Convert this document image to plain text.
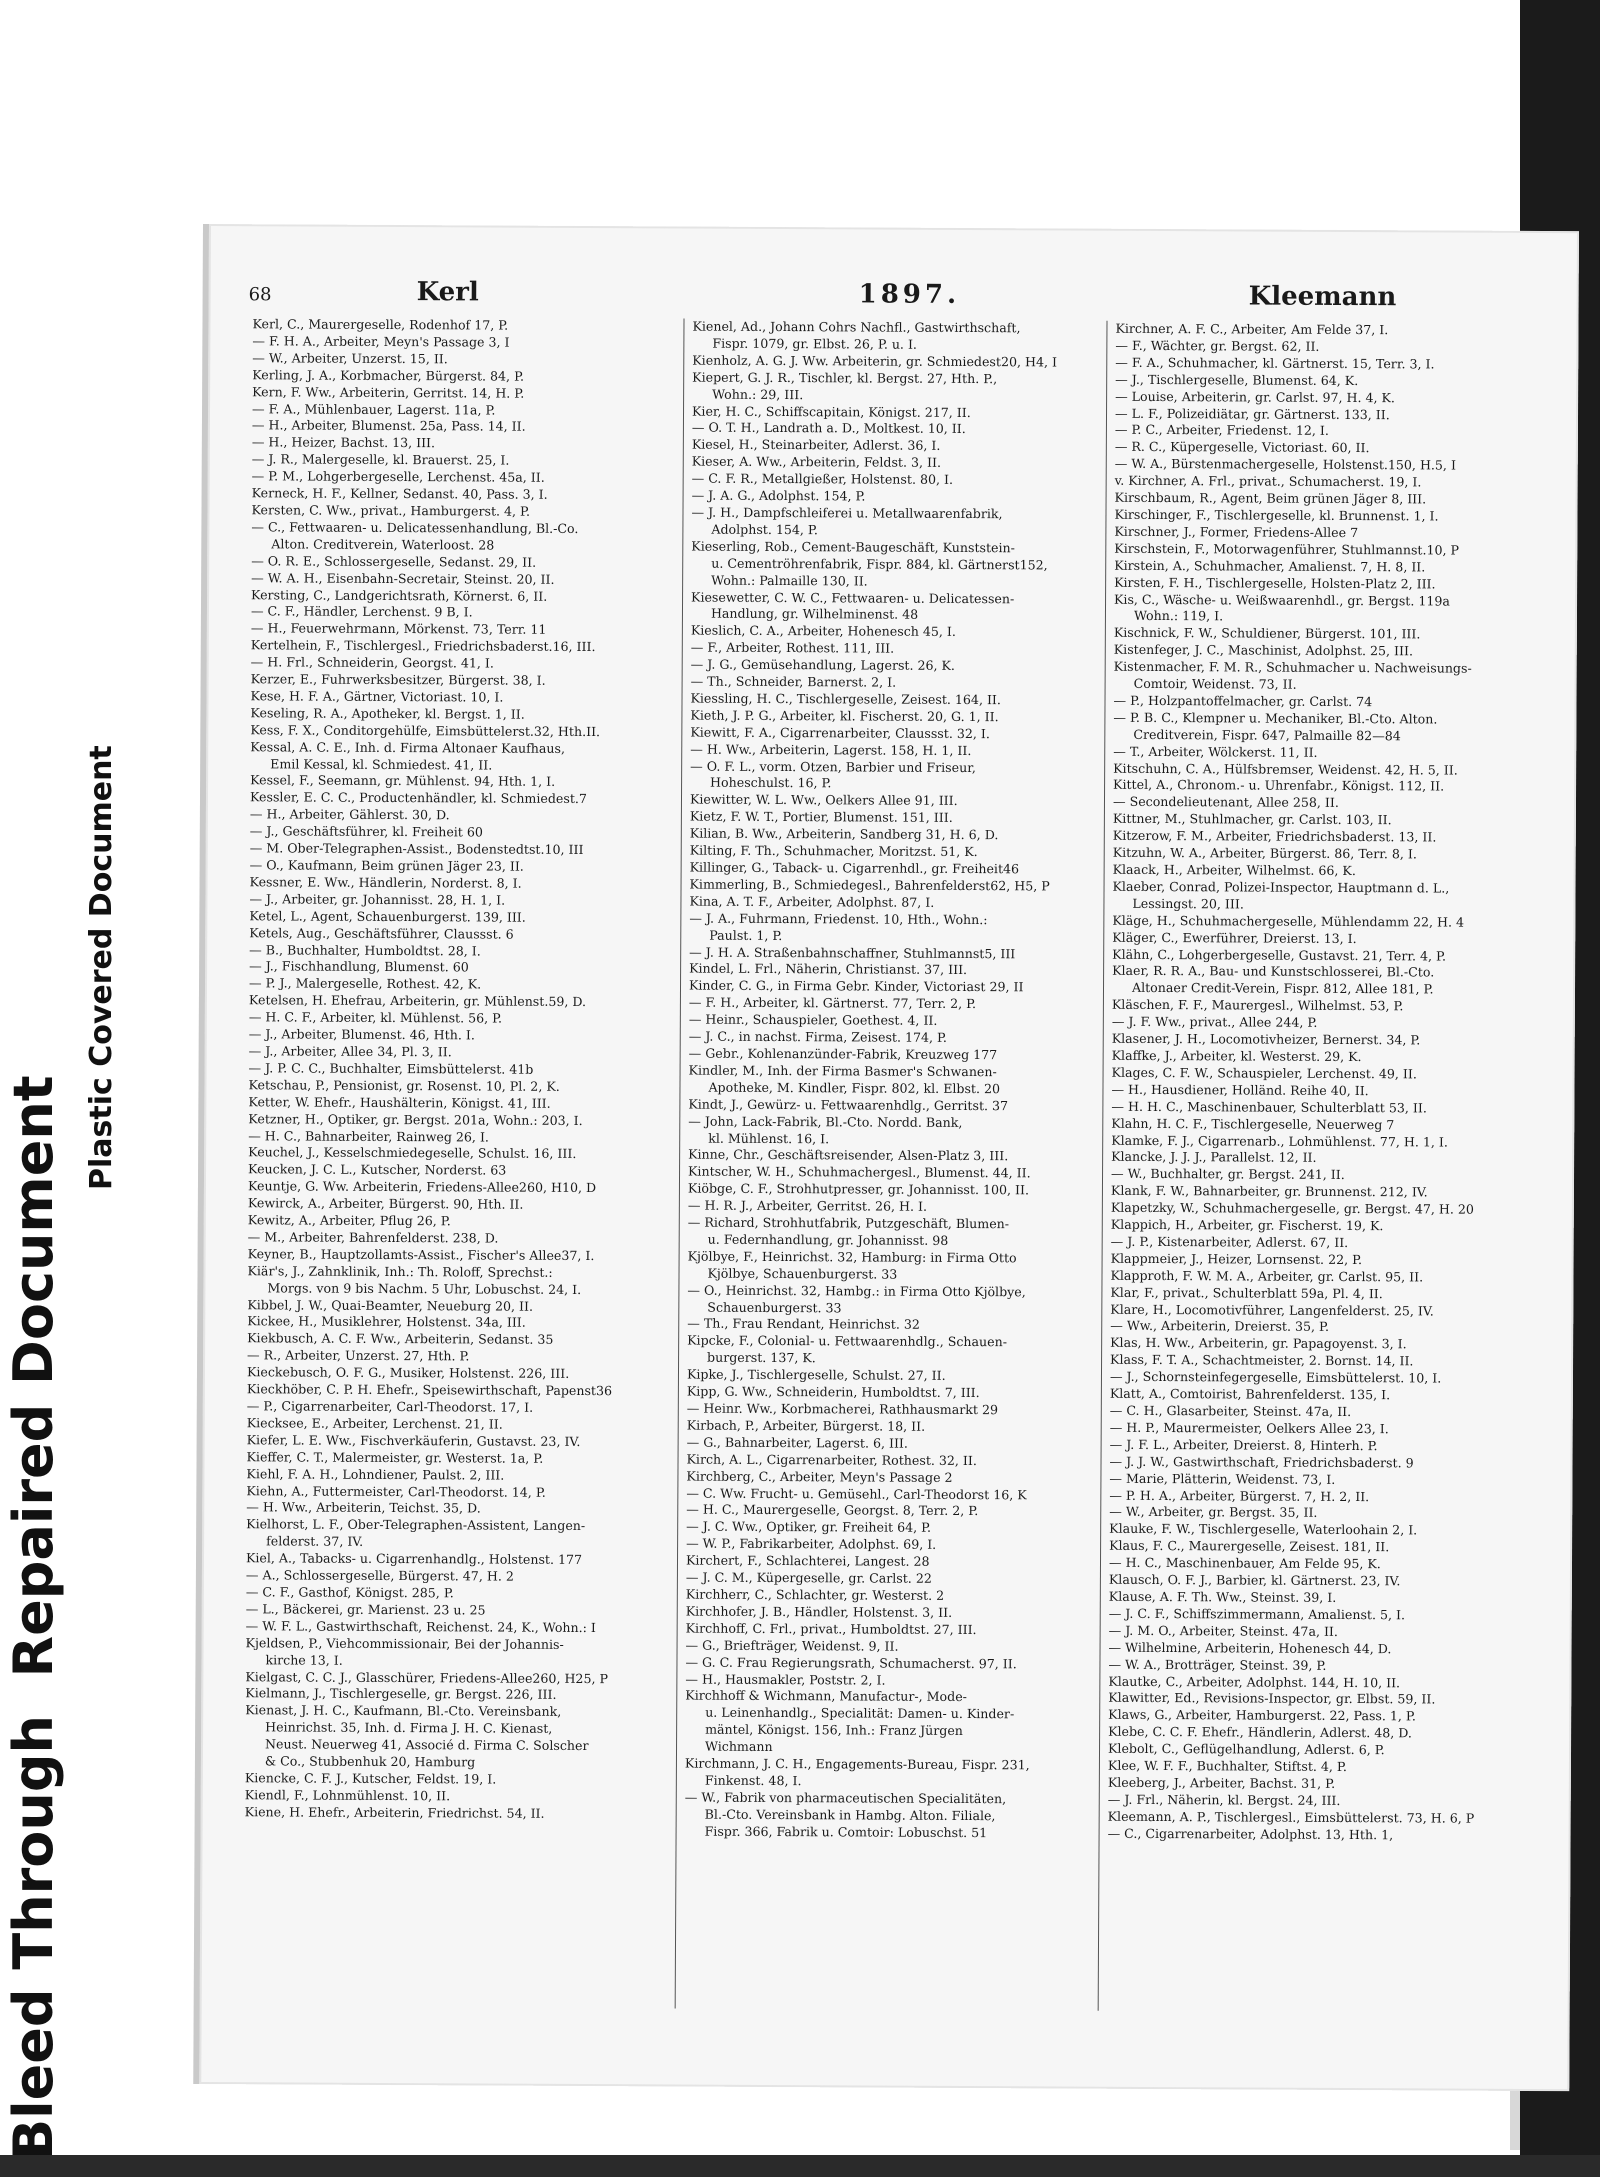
Bleed Through  Repaired Document
Plastic Covered Document
68	Kerl	1897.	Kleemann
Kerl, C., Maurergeselle, Rodenhof 17, P.
— F. H. A., Arbeiter, Meyn's Passage 3, I
— W., Arbeiter, Unzerst. 15, II.
Kerling, J. A., Korbmacher, Bürgerst. 84, P.
Kern, F. Ww., Arbeiterin, Gerritst. 14, H. P.
— F. A., Mühlenbauer, Lagerst. 11a, P.
— H., Arbeiter, Blumenst. 25a, Pass. 14, II.
— H., Heizer, Bachst. 13, III.
— J. R., Malergeselle, kl. Brauerst. 25, I.
— P. M., Lohgerbergeselle, Lerchenst. 45a, II.
Kerneck, H. F., Kellner, Sedanst. 40, Pass. 3, I.
Kersten, C. Ww., privat., Hamburgerst. 4, P.
— C., Fettwaaren- u. Delicatessenhandlung, Bl.-Co.
Alton. Creditverein, Waterloost. 28
— O. R. E., Schlossergeselle, Sedanst. 29, II.
— W. A. H., Eisenbahn-Secretair, Steinst. 20, II.
Kersting, C., Landgerichtsrath, Körnerst. 6, II.
— C. F., Händler, Lerchenst. 9 B, I.
— H., Feuerwehrmann, Mörkenst. 73, Terr. 11
Kertelhein, F., Tischlergesl., Friedrichsbaderst.16, III.
— H. Frl., Schneiderin, Georgst. 41, I.
Kerzer, E., Fuhrwerksbesitzer, Bürgerst. 38, I.
Kese, H. F. A., Gärtner, Victoriast. 10, I.
Keseling, R. A., Apotheker, kl. Bergst. 1, II.
Kess, F. X., Conditorgehülfe, Eimsbüttelerst.32, Hth.II.
Kessal, A. C. E., Inh. d. Firma Altonaer Kaufhaus,
Emil Kessal, kl. Schmiedest. 41, II.
Kessel, F., Seemann, gr. Mühlenst. 94, Hth. 1, I.
Kessler, E. C. C., Productenhändler, kl. Schmiedest.7
— H., Arbeiter, Gählerst. 30, D.
— J., Geschäftsführer, kl. Freiheit 60
— M. Ober-Telegraphen-Assist., Bodenstedtst.10, III
— O., Kaufmann, Beim grünen Jäger 23, II.
Kessner, E. Ww., Händlerin, Norderst. 8, I.
— J., Arbeiter, gr. Johannisst. 28, H. 1, I.
Ketel, L., Agent, Schauenburgerst. 139, III.
Ketels, Aug., Geschäftsführer, Claussst. 6
— B., Buchhalter, Humboldtst. 28, I.
— J., Fischhandlung, Blumenst. 60
— P. J., Malergeselle, Rothest. 42, K.
Ketelsen, H. Ehefrau, Arbeiterin, gr. Mühlenst.59, D.
— H. C. F., Arbeiter, kl. Mühlenst. 56, P.
— J., Arbeiter, Blumenst. 46, Hth. I.
— J., Arbeiter, Allee 34, Pl. 3, II.
— J. P. C. C., Buchhalter, Eimsbüttelerst. 41b
Ketschau, P., Pensionist, gr. Rosenst. 10, Pl. 2, K.
Ketter, W. Ehefr., Haushälterin, Königst. 41, III.
Ketzner, H., Optiker, gr. Bergst. 201a, Wohn.: 203, I.
— H. C., Bahnarbeiter, Rainweg 26, I.
Keuchel, J., Kesselschmiedegeselle, Schulst. 16, III.
Keucken, J. C. L., Kutscher, Norderst. 63
Keuntje, G. Ww. Arbeiterin, Friedens-Allee260, H10, D
Kewirck, A., Arbeiter, Bürgerst. 90, Hth. II.
Kewitz, A., Arbeiter, Pflug 26, P.
— M., Arbeiter, Bahrenfelderst. 238, D.
Keyner, B., Hauptzollamts-Assist., Fischer's Allee37, I.
Kiär's, J., Zahnklinik, Inh.: Th. Roloff, Sprechst.:
Morgs. von 9 bis Nachm. 5 Uhr, Lobuschst. 24, I.
Kibbel, J. W., Quai-Beamter, Neueburg 20, II.
Kickee, H., Musiklehrer, Holstenst. 34a, III.
Kiekbusch, A. C. F. Ww., Arbeiterin, Sedanst. 35
— R., Arbeiter, Unzerst. 27, Hth. P.
Kieckebusch, O. F. G., Musiker, Holstenst. 226, III.
Kieckhöber, C. P. H. Ehefr., Speisewirthschaft, Papenst36
— P., Cigarrenarbeiter, Carl-Theodorst. 17, I.
Kiecksee, E., Arbeiter, Lerchenst. 21, II.
Kiefer, L. E. Ww., Fischverkäuferin, Gustavst. 23, IV.
Kieffer, C. T., Malermeister, gr. Westerst. 1a, P.
Kiehl, F. A. H., Lohndiener, Paulst. 2, III.
Kiehn, A., Futtermeister, Carl-Theodorst. 14, P.
— H. Ww., Arbeiterin, Teichst. 35, D.
Kielhorst, L. F., Ober-Telegraphen-Assistent, Langen-
felderst. 37, IV.
Kiel, A., Tabacks- u. Cigarrenhandlg., Holstenst. 177
— A., Schlossergeselle, Bürgerst. 47, H. 2
— C. F., Gasthof, Königst. 285, P.
— L., Bäckerei, gr. Marienst. 23 u. 25
— W. F. L., Gastwirthschaft, Reichenst. 24, K., Wohn.: I
Kjeldsen, P., Viehcommissionair, Bei der Johannis-
kirche 13, I.
Kielgast, C. C. J., Glasschürer, Friedens-Allee260, H25, P
Kielmann, J., Tischlergeselle, gr. Bergst. 226, III.
Kienast, J. H. C., Kaufmann, Bl.-Cto. Vereinsbank,
Heinrichst. 35, Inh. d. Firma J. H. C. Kienast,
Neust. Neuerweg 41, Associé d. Firma C. Solscher
& Co., Stubbenhuk 20, Hamburg
Kiencke, C. F. J., Kutscher, Feldst. 19, I.
Kiendl, F., Lohnmühlenst. 10, II.
Kiene, H. Ehefr., Arbeiterin, Friedrichst. 54, II.
Kienel, Ad., Johann Cohrs Nachfl., Gastwirthschaft,
Fispr. 1079, gr. Elbst. 26, P. u. I.
Kienholz, A. G. J. Ww. Arbeiterin, gr. Schmiedest20, H4, I
Kiepert, G. J. R., Tischler, kl. Bergst. 27, Hth. P.,
Wohn.: 29, III.
Kier, H. C., Schiffscapitain, Königst. 217, II.
— O. T. H., Landrath a. D., Moltkest. 10, II.
Kiesel, H., Steinarbeiter, Adlerst. 36, I.
Kieser, A. Ww., Arbeiterin, Feldst. 3, II.
— C. F. R., Metallgießer, Holstenst. 80, I.
— J. A. G., Adolphst. 154, P.
— J. H., Dampfschleiferei u. Metallwaarenfabrik,
Adolphst. 154, P.
Kieserling, Rob., Cement-Baugeschäft, Kunststein-
u. Cementröhrenfabrik, Fispr. 884, kl. Gärtnerst152,
Wohn.: Palmaille 130, II.
Kiesewetter, C. W. C., Fettwaaren- u. Delicatessen-
Handlung, gr. Wilhelminenst. 48
Kieslich, C. A., Arbeiter, Hohenesch 45, I.
— F., Arbeiter, Rothest. 111, III.
— J. G., Gemüsehandlung, Lagerst. 26, K.
— Th., Schneider, Barnerst. 2, I.
Kiessling, H. C., Tischlergeselle, Zeisest. 164, II.
Kieth, J. P. G., Arbeiter, kl. Fischerst. 20, G. 1, II.
Kiewitt, F. A., Cigarrenarbeiter, Claussst. 32, I.
— H. Ww., Arbeiterin, Lagerst. 158, H. 1, II.
— O. F. L., vorm. Otzen, Barbier und Friseur,
Hoheschulst. 16, P.
Kiewitter, W. L. Ww., Oelkers Allee 91, III.
Kietz, F. W. T., Portier, Blumenst. 151, III.
Kilian, B. Ww., Arbeiterin, Sandberg 31, H. 6, D.
Kilting, F. Th., Schuhmacher, Moritzst. 51, K.
Killinger, G., Taback- u. Cigarrenhdl., gr. Freiheit46
Kimmerling, B., Schmiedegesl., Bahrenfelderst62, H5, P
Kina, A. T. F., Arbeiter, Adolphst. 87, I.
— J. A., Fuhrmann, Friedenst. 10, Hth., Wohn.:
Paulst. 1, P.
— J. H. A. Straßenbahnschaffner, Stuhlmannst5, III
Kindel, L. Frl., Näherin, Christianst. 37, III.
Kinder, C. G., in Firma Gebr. Kinder, Victoriast 29, II
— F. H., Arbeiter, kl. Gärtnerst. 77, Terr. 2, P.
— Heinr., Schauspieler, Goethest. 4, II.
— J. C., in nachst. Firma, Zeisest. 174, P.
— Gebr., Kohlenanzünder-Fabrik, Kreuzweg 177
Kindler, M., Inh. der Firma Basmer's Schwanen-
Apotheke, M. Kindler, Fispr. 802, kl. Elbst. 20
Kindt, J., Gewürz- u. Fettwaarenhdlg., Gerritst. 37
— John, Lack-Fabrik, Bl.-Cto. Nordd. Bank,
kl. Mühlenst. 16, I.
Kinne, Chr., Geschäftsreisender, Alsen-Platz 3, III.
Kintscher, W. H., Schuhmachergesl., Blumenst. 44, II.
Kiöbge, C. F., Strohhutpresser, gr. Johannisst. 100, II.
— H. R. J., Arbeiter, Gerritst. 26, H. I.
— Richard, Strohhutfabrik, Putzgeschäft, Blumen-
u. Federnhandlung, gr. Johannisst. 98
Kjölbye, F., Heinrichst. 32, Hamburg: in Firma Otto
Kjölbye, Schauenburgerst. 33
— O., Heinrichst. 32, Hambg.: in Firma Otto Kjölbye,
Schauenburgerst. 33
— Th., Frau Rendant, Heinrichst. 32
Kipcke, F., Colonial- u. Fettwaarenhdlg., Schauen-
burgerst. 137, K.
Kipke, J., Tischlergeselle, Schulst. 27, II.
Kipp, G. Ww., Schneiderin, Humboldtst. 7, III.
— Heinr. Ww., Korbmacherei, Rathhausmarkt 29
Kirbach, P., Arbeiter, Bürgerst. 18, II.
— G., Bahnarbeiter, Lagerst. 6, III.
Kirch, A. L., Cigarrenarbeiter, Rothest. 32, II.
Kirchberg, C., Arbeiter, Meyn's Passage 2
— C. Ww. Frucht- u. Gemüsehl., Carl-Theodorst 16, K
— H. C., Maurergeselle, Georgst. 8, Terr. 2, P.
— J. C. Ww., Optiker, gr. Freiheit 64, P.
— W. P., Fabrikarbeiter, Adolphst. 69, I.
Kirchert, F., Schlachterei, Langest. 28
— J. C. M., Küpergeselle, gr. Carlst. 22
Kirchherr, C., Schlachter, gr. Westerst. 2
Kirchhofer, J. B., Händler, Holstenst. 3, II.
Kirchhoff, C. Frl., privat., Humboldtst. 27, III.
— G., Briefträger, Weidenst. 9, II.
— G. C. Frau Regierungsrath, Schumacherst. 97, II.
— H., Hausmakler, Poststr. 2, I.
Kirchhoff & Wichmann, Manufactur-, Mode-
u. Leinenhandlg., Specialität: Damen- u. Kinder-
mäntel, Königst. 156, Inh.: Franz Jürgen
Wichmann
Kirchmann, J. C. H., Engagements-Bureau, Fispr. 231,
Finkenst. 48, I.
— W., Fabrik von pharmaceutischen Specialitäten,
Bl.-Cto. Vereinsbank in Hambg. Alton. Filiale,
Fispr. 366, Fabrik u. Comtoir: Lobuschst. 51
Kirchner, A. F. C., Arbeiter, Am Felde 37, I.
— F., Wächter, gr. Bergst. 62, II.
— F. A., Schuhmacher, kl. Gärtnerst. 15, Terr. 3, I.
— J., Tischlergeselle, Blumenst. 64, K.
— Louise, Arbeiterin, gr. Carlst. 97, H. 4, K.
— L. F., Polizeidiätar, gr. Gärtnerst. 133, II.
— P. C., Arbeiter, Friedenst. 12, I.
— R. C., Küpergeselle, Victoriast. 60, II.
— W. A., Bürstenmachergeselle, Holstenst.150, H.5, I
v. Kirchner, A. Frl., privat., Schumacherst. 19, I.
Kirschbaum, R., Agent, Beim grünen Jäger 8, III.
Kirschinger, F., Tischlergeselle, kl. Brunnenst. 1, I.
Kirschner, J., Former, Friedens-Allee 7
Kirschstein, F., Motorwagenführer, Stuhlmannst.10, P
Kirstein, A., Schuhmacher, Amalienst. 7, H. 8, II.
Kirsten, F. H., Tischlergeselle, Holsten-Platz 2, III.
Kis, C., Wäsche- u. Weißwaarenhdl., gr. Bergst. 119a
Wohn.: 119, I.
Kischnick, F. W., Schuldiener, Bürgerst. 101, III.
Kistenfeger, J. C., Maschinist, Adolphst. 25, III.
Kistenmacher, F. M. R., Schuhmacher u. Nachweisungs-
Comtoir, Weidenst. 73, II.
— P., Holzpantoffelmacher, gr. Carlst. 74
— P. B. C., Klempner u. Mechaniker, Bl.-Cto. Alton.
Creditverein, Fispr. 647, Palmaille 82—84
— T., Arbeiter, Wölckerst. 11, II.
Kitschuhn, C. A., Hülfsbremser, Weidenst. 42, H. 5, II.
Kittel, A., Chronom.- u. Uhrenfabr., Königst. 112, II.
— Secondelieutenant, Allee 258, II.
Kittner, M., Stuhlmacher, gr. Carlst. 103, II.
Kitzerow, F. M., Arbeiter, Friedrichsbaderst. 13, II.
Kitzuhn, W. A., Arbeiter, Bürgerst. 86, Terr. 8, I.
Klaack, H., Arbeiter, Wilhelmst. 66, K.
Klaeber, Conrad, Polizei-Inspector, Hauptmann d. L.,
Lessingst. 20, III.
Kläge, H., Schuhmachergeselle, Mühlendamm 22, H. 4
Kläger, C., Ewerführer, Dreierst. 13, I.
Klähn, C., Lohgerbergeselle, Gustavst. 21, Terr. 4, P.
Klaer, R. R. A., Bau- und Kunstschlosserei, Bl.-Cto.
Altonaer Credit-Verein, Fispr. 812, Allee 181, P.
Kläschen, F. F., Maurergesl., Wilhelmst. 53, P.
— J. F. Ww., privat., Allee 244, P.
Klasener, J. H., Locomotivheizer, Bernerst. 34, P.
Klaffke, J., Arbeiter, kl. Westerst. 29, K.
Klages, C. F. W., Schauspieler, Lerchenst. 49, II.
— H., Hausdiener, Holländ. Reihe 40, II.
— H. H. C., Maschinenbauer, Schulterblatt 53, II.
Klahn, H. C. F., Tischlergeselle, Neuerweg 7
Klamke, F. J., Cigarrenarb., Lohmühlenst. 77, H. 1, I.
Klancke, J. J. J., Parallelst. 12, II.
— W., Buchhalter, gr. Bergst. 241, II.
Klank, F. W., Bahnarbeiter, gr. Brunnenst. 212, IV.
Klapetzky, W., Schuhmachergeselle, gr. Bergst. 47, H. 20
Klappich, H., Arbeiter, gr. Fischerst. 19, K.
— J. P., Kistenarbeiter, Adlerst. 67, II.
Klappmeier, J., Heizer, Lornsenst. 22, P.
Klapproth, F. W. M. A., Arbeiter, gr. Carlst. 95, II.
Klar, F., privat., Schulterblatt 59a, Pl. 4, II.
Klare, H., Locomotivführer, Langenfelderst. 25, IV.
— Ww., Arbeiterin, Dreierst. 35, P.
Klas, H. Ww., Arbeiterin, gr. Papagoyenst. 3, I.
Klass, F. T. A., Schachtmeister, 2. Bornst. 14, II.
— J., Schornsteinfegergeselle, Eimsbüttelerst. 10, I.
Klatt, A., Comtoirist, Bahrenfelderst. 135, I.
— C. H., Glasarbeiter, Steinst. 47a, II.
— H. P., Maurermeister, Oelkers Allee 23, I.
— J. F. L., Arbeiter, Dreierst. 8, Hinterh. P.
— J. J. W., Gastwirthschaft, Friedrichsbaderst. 9
— Marie, Plätterin, Weidenst. 73, I.
— P. H. A., Arbeiter, Bürgerst. 7, H. 2, II.
— W., Arbeiter, gr. Bergst. 35, II.
Klauke, F. W., Tischlergeselle, Waterloohain 2, I.
Klaus, F. C., Maurergeselle, Zeisest. 181, II.
— H. C., Maschinenbauer, Am Felde 95, K.
Klausch, O. F. J., Barbier, kl. Gärtnerst. 23, IV.
Klause, A. F. Th. Ww., Steinst. 39, I.
— J. C. F., Schiffszimmermann, Amalienst. 5, I.
— J. M. O., Arbeiter, Steinst. 47a, II.
— Wilhelmine, Arbeiterin, Hohenesch 44, D.
— W. A., Brotträger, Steinst. 39, P.
Klautke, C., Arbeiter, Adolphst. 144, H. 10, II.
Klawitter, Ed., Revisions-Inspector, gr. Elbst. 59, II.
Klaws, G., Arbeiter, Hamburgerst. 22, Pass. 1, P.
Klebe, C. C. F. Ehefr., Händlerin, Adlerst. 48, D.
Klebolt, C., Geflügelhandlung, Adlerst. 6, P.
Klee, W. F. F., Buchhalter, Stiftst. 4, P.
Kleeberg, J., Arbeiter, Bachst. 31, P.
— J. Frl., Näherin, kl. Bergst. 24, III.
Kleemann, A. P., Tischlergesl., Eimsbüttelerst. 73, H. 6, P
— C., Cigarrenarbeiter, Adolphst. 13, Hth. 1,
